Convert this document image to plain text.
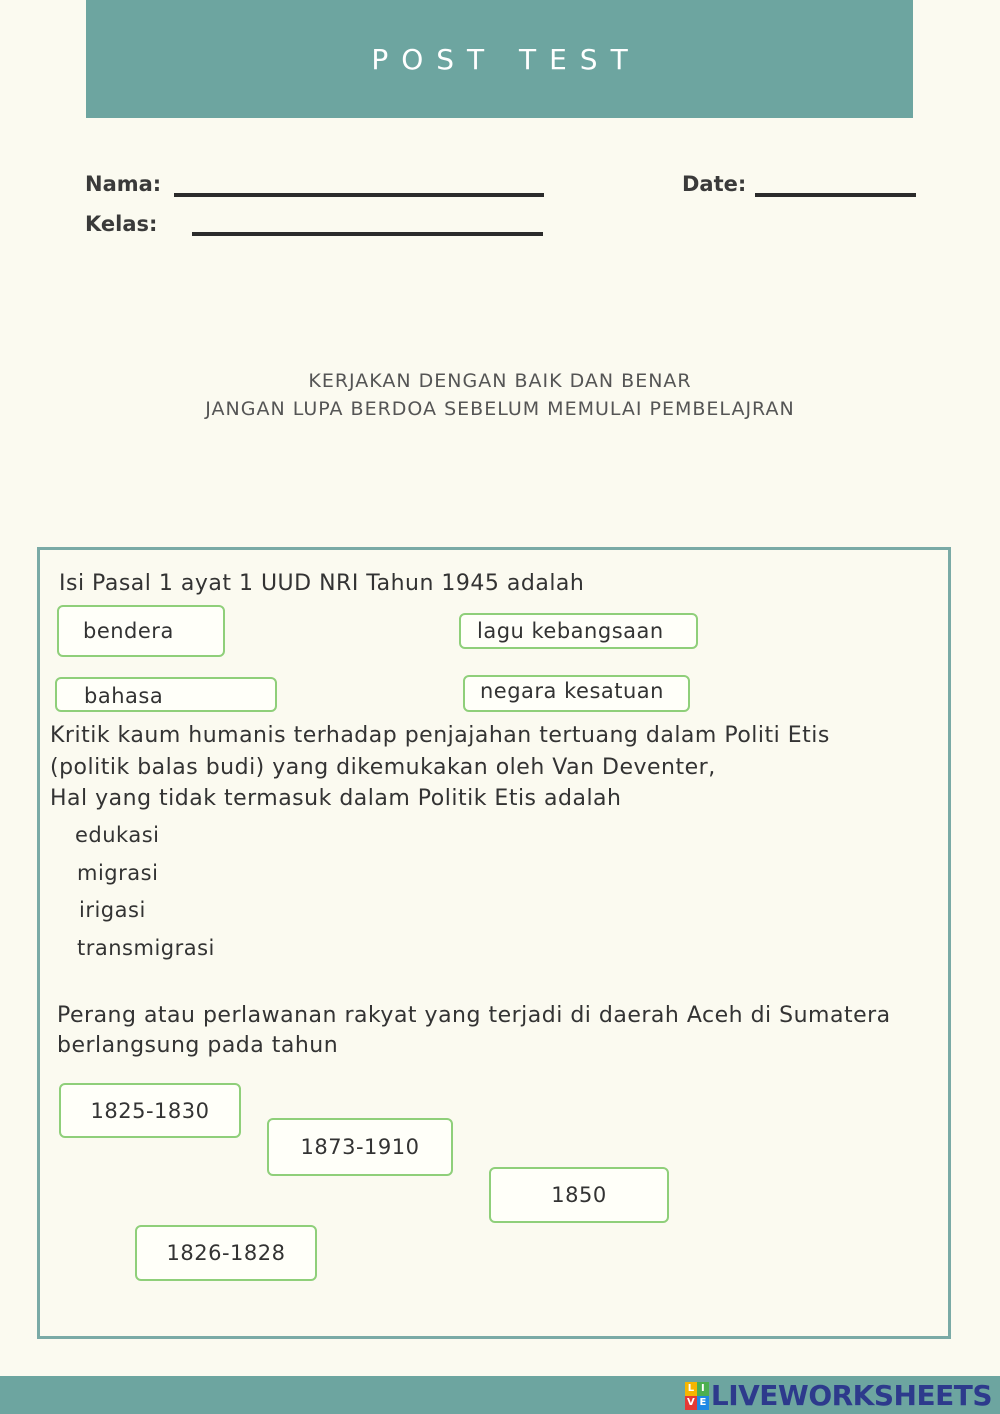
POST TEST
Nama:
Kelas:
Date:
KERJAKAN DENGAN BAIK DAN BENAR
JANGAN LUPA BERDOA SEBELUM MEMULAI PEMBELAJRAN
Isi Pasal 1 ayat 1 UUD NRI Tahun 1945 adalah
bendera	lagu kebangsaan
bahasa	negara kesatuan
Kritik kaum humanis terhadap penjajahan tertuang dalam Politi Etis
(politik balas budi) yang dikemukakan oleh Van Deventer,
Hal yang tidak termasuk dalam Politik Etis adalah
edukasi
migrasi
irigasi
transmigrasi
Perang atau perlawanan rakyat yang terjadi di daerah Aceh di Sumatera
berlangsung pada tahun
1825-1830
1873-1910
1850
1826-1828
L I
V E LIVEWORKSHEETS
